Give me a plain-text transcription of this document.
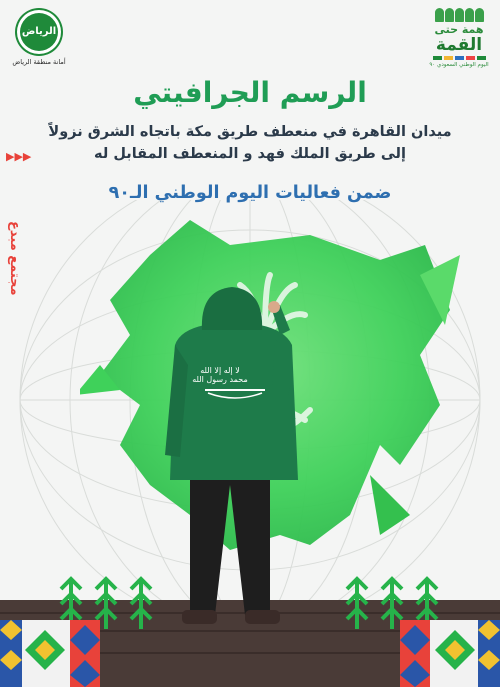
الرياض
أمانة منطقة الرياض
همة حتى
القمة
اليوم الوطني السعودي ٩٠
الرسم الجرافيتي
ميدان القاهرة في منعطف طريق مكة باتجاه الشرق نزولاً
إلى طريق الملك فهد و المنعطف المقابل له
ضمن فعاليات اليوم الوطني الـ٩٠
▶▶▶
مجتمع مبدع
لا إله إلا الله محمد رسول الله
